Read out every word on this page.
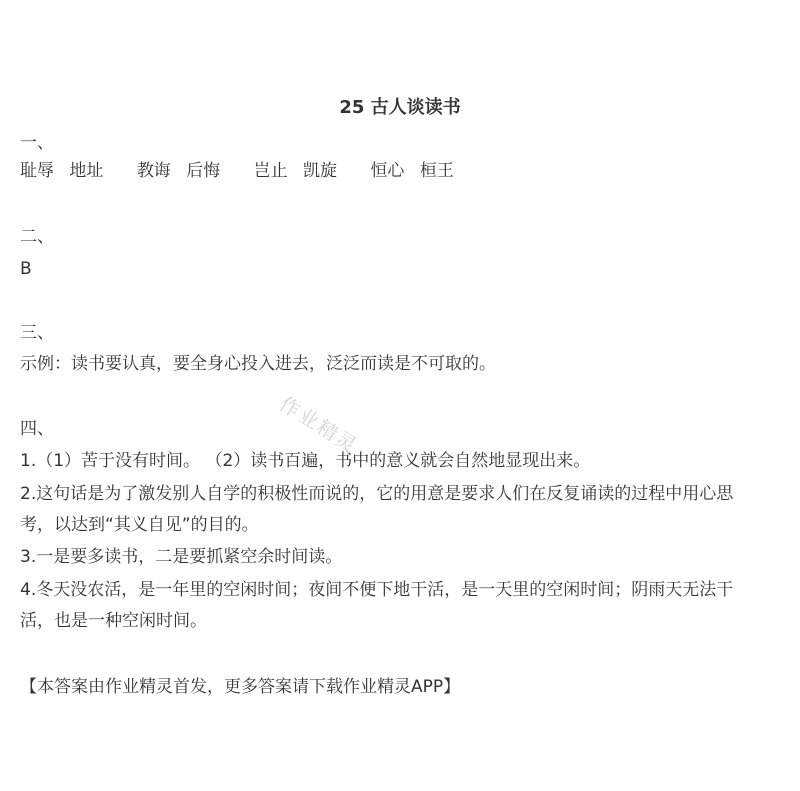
25 古人谈读书
一、
耻辱 地址 教诲 后悔 岂止 凯旋 恒心 桓王
二、
B
三、
示例：读书要认真，要全身心投入进去，泛泛而读是不可取的。
四、
1.（1）苦于没有时间。 （2）读书百遍，书中的意义就会自然地显现出来。
2.这句话是为了激发别人自学的积极性而说的，它的用意是要求人们在反复诵读的过程中用心思
考，以达到“其义自见”的目的。
3.一是要多读书，二是要抓紧空余时间读。
4.冬天没农活，是一年里的空闲时间；夜间不便下地干活，是一天里的空闲时间；阴雨天无法干
活，也是一种空闲时间。
【本答案由作业精灵首发，更多答案请下载作业精灵APP】
作业精灵
